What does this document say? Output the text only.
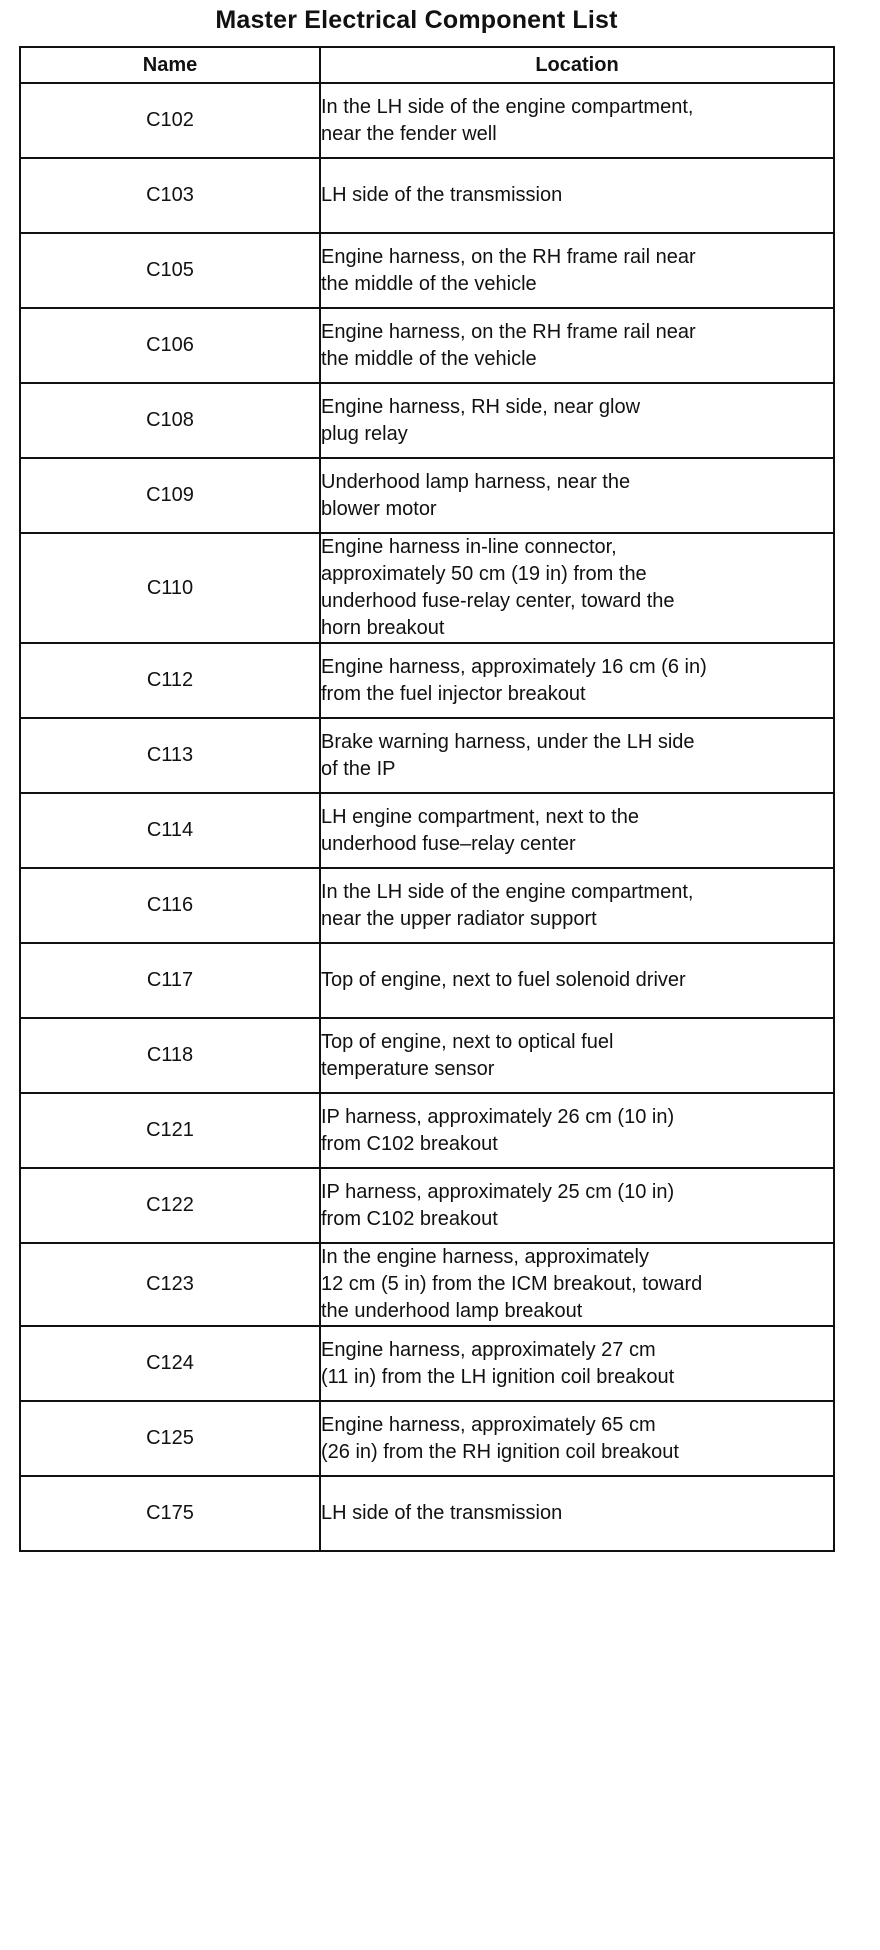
Master Electrical Component List
Name	Location
C102	In the LH side of the engine compartment,
near the fender well

C103	LH side of the transmission

C105	Engine harness, on the RH frame rail near
the middle of the vehicle

C106	Engine harness, on the RH frame rail near
the middle of the vehicle

C108	Engine harness, RH side, near glow
plug relay

C109	Underhood lamp harness, near the
blower motor

C110	Engine harness in-line connector,
approximately 50 cm (19 in) from the
underhood fuse-relay center, toward the
horn breakout

C112	Engine harness, approximately 16 cm (6 in)
from the fuel injector breakout

C113	Brake warning harness, under the LH side
of the IP

C114	LH engine compartment, next to the
underhood fuse–relay center

C116	In the LH side of the engine compartment,
near the upper radiator support

C117	Top of engine, next to fuel solenoid driver

C118	Top of engine, next to optical fuel
temperature sensor

C121	IP harness, approximately 26 cm (10 in)
from C102 breakout

C122	IP harness, approximately 25 cm (10 in)
from C102 breakout

C123	In the engine harness, approximately
12 cm (5 in) from the ICM breakout, toward
the underhood lamp breakout

C124	Engine harness, approximately 27 cm
(11 in) from the LH ignition coil breakout

C125	Engine harness, approximately 65 cm
(26 in) from the RH ignition coil breakout

C175	LH side of the transmission
